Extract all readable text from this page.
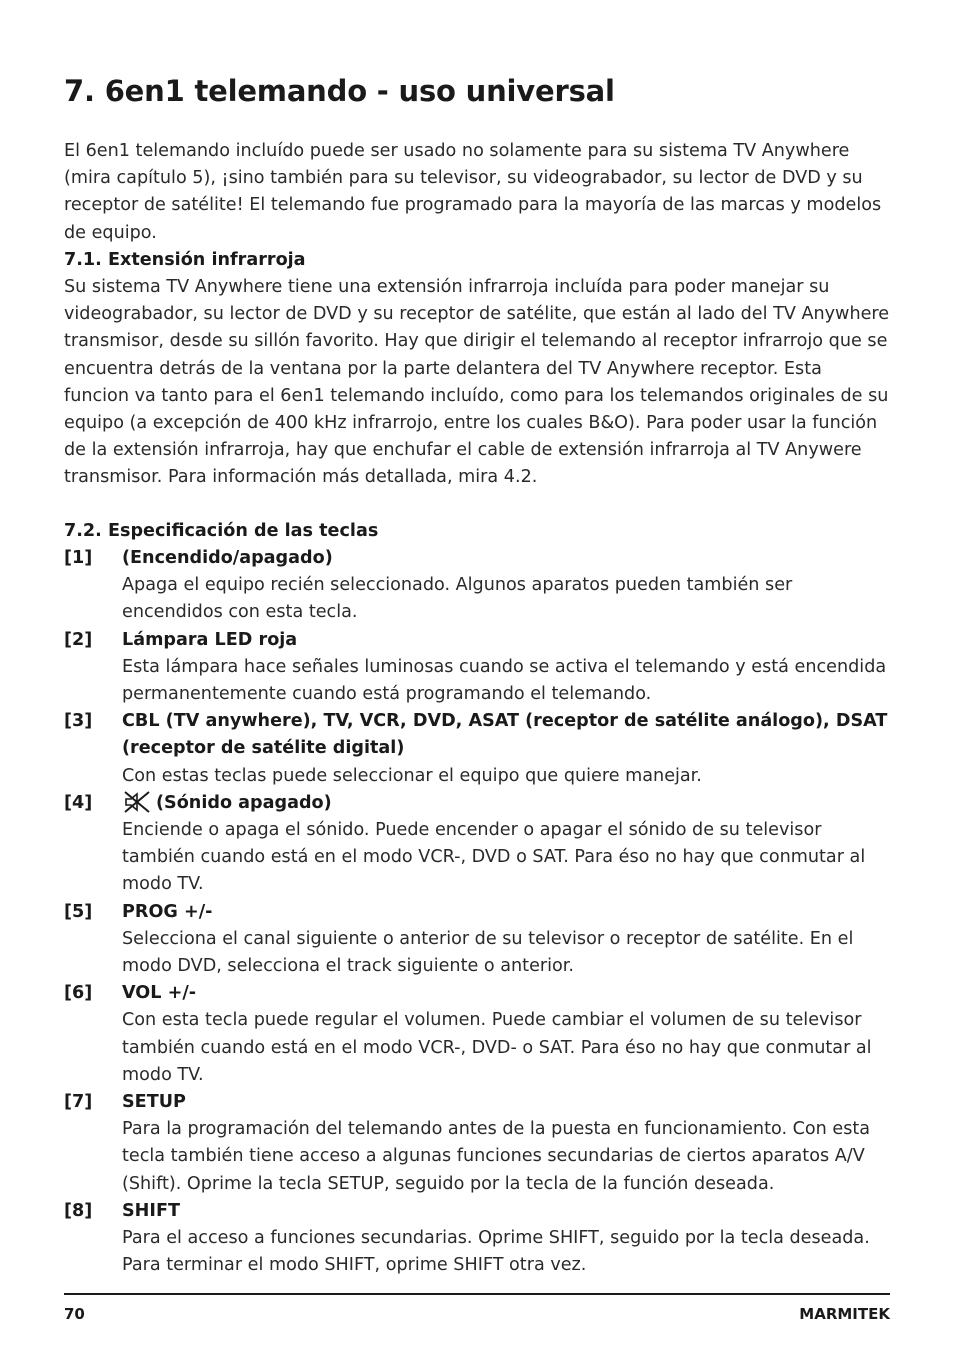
7. 6en1 telemando - uso universal

El 6en1 telemando incluído puede ser usado no solamente para su sistema TV Anywhere (mira capítulo 5), ¡sino también para su televisor, su videograbador, su lector de DVD y su receptor de satélite! El telemando fue programado para la mayoría de las marcas y modelos de equipo.

7.1. Extensión infrarroja

Su sistema TV Anywhere tiene una extensión infrarroja incluída para poder manejar su videograbador, su lector de DVD y su receptor de satélite, que están al lado del TV Anywhere transmisor, desde su sillón favorito. Hay que dirigir el telemando al receptor infrarrojo que se encuentra detrás de la ventana por la parte delantera del TV Anywhere receptor. Esta funcion va tanto para el 6en1 telemando incluído, como para los telemandos originales de su equipo (a excepción de 400 kHz infrarrojo, entre los cuales B&O). Para poder usar la función de la extensión infrarroja, hay que enchufar el cable de extensión infrarroja al TV Anywere transmisor. Para información más detallada, mira 4.2.

7.2. Especificación de las teclas
[1] (Encendido/apagado)
Apaga el equipo recién seleccionado. Algunos aparatos pueden también ser encendidos con esta tecla.
[2] Lámpara LED roja
Esta lámpara hace señales luminosas cuando se activa el telemando y está encendida permanentemente cuando está programando el telemando.
[3] CBL (TV anywhere), TV, VCR, DVD, ASAT (receptor de satélite análogo), DSAT (receptor de satélite digital)
Con estas teclas puede seleccionar el equipo que quiere manejar.
[4]	(Sónido apagado)
Enciende o apaga el sónido. Puede encender o apagar el sónido de su televisor también cuando está en el modo VCR-, DVD o SAT. Para éso no hay que conmutar al modo TV.
[5] PROG +/-
Selecciona el canal siguiente o anterior de su televisor o receptor de satélite. En el modo DVD, selecciona el track siguiente o anterior.
[6] VOL +/-
Con esta tecla puede regular el volumen. Puede cambiar el volumen de su televisor también cuando está en el modo VCR-, DVD- o SAT. Para éso no hay que conmutar al modo TV.
[7] SETUP
Para la programación del telemando antes de la puesta en funcionamiento. Con esta tecla también tiene acceso a algunas funciones secundarias de ciertos aparatos A/V (Shift). Oprime la tecla SETUP, seguido por la tecla de la función deseada.
[8] SHIFT
Para el acceso a funciones secundarias. Oprime SHIFT, seguido por la tecla deseada. Para terminar el modo SHIFT, oprime SHIFT otra vez.
70	MARMITEK
